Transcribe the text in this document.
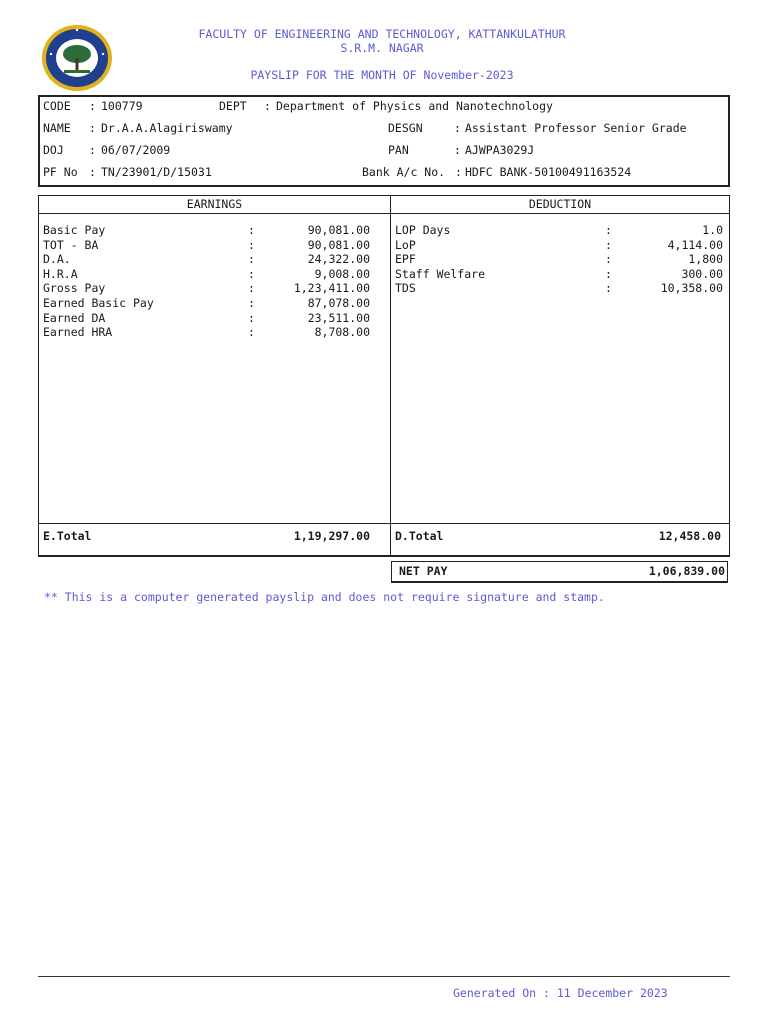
FACULTY OF ENGINEERING AND TECHNOLOGY, KATTANKULATHUR
S.R.M. NAGAR
PAYSLIP FOR THE MONTH OF November-2023
CODE : 100779	DEPT : Department of Physics and Nanotechnology
NAME : Dr.A.A.Alagiriswamy	DESGN	: Assistant Professor Senior Grade
DOJ : 06/07/2009	PAN	: AJWPA3029J
PF No : TN/23901/D/15031	Bank A/c No. : HDFC BANK-50100491163524
EARNINGS
Basic Pay	:	90,081.00
TOT - BA	:	90,081.00
D.A.	:	24,322.00
H.R.A	:	9,008.00
Gross Pay	:	1,23,411.00
Earned Basic Pay	:	87,078.00
Earned DA	:	23,511.00
Earned HRA	:	8,708.00
E.Total	1,19,297.00
DEDUCTION
LOP Days	:	1.0
LoP	:	4,114.00
EPF	:	1,800
Staff Welfare	:	300.00
TDS	:	10,358.00
D.Total	12,458.00
NET PAY	1,06,839.00
** This is a computer generated payslip and does not require signature and stamp.
Generated On : 11 December 2023
